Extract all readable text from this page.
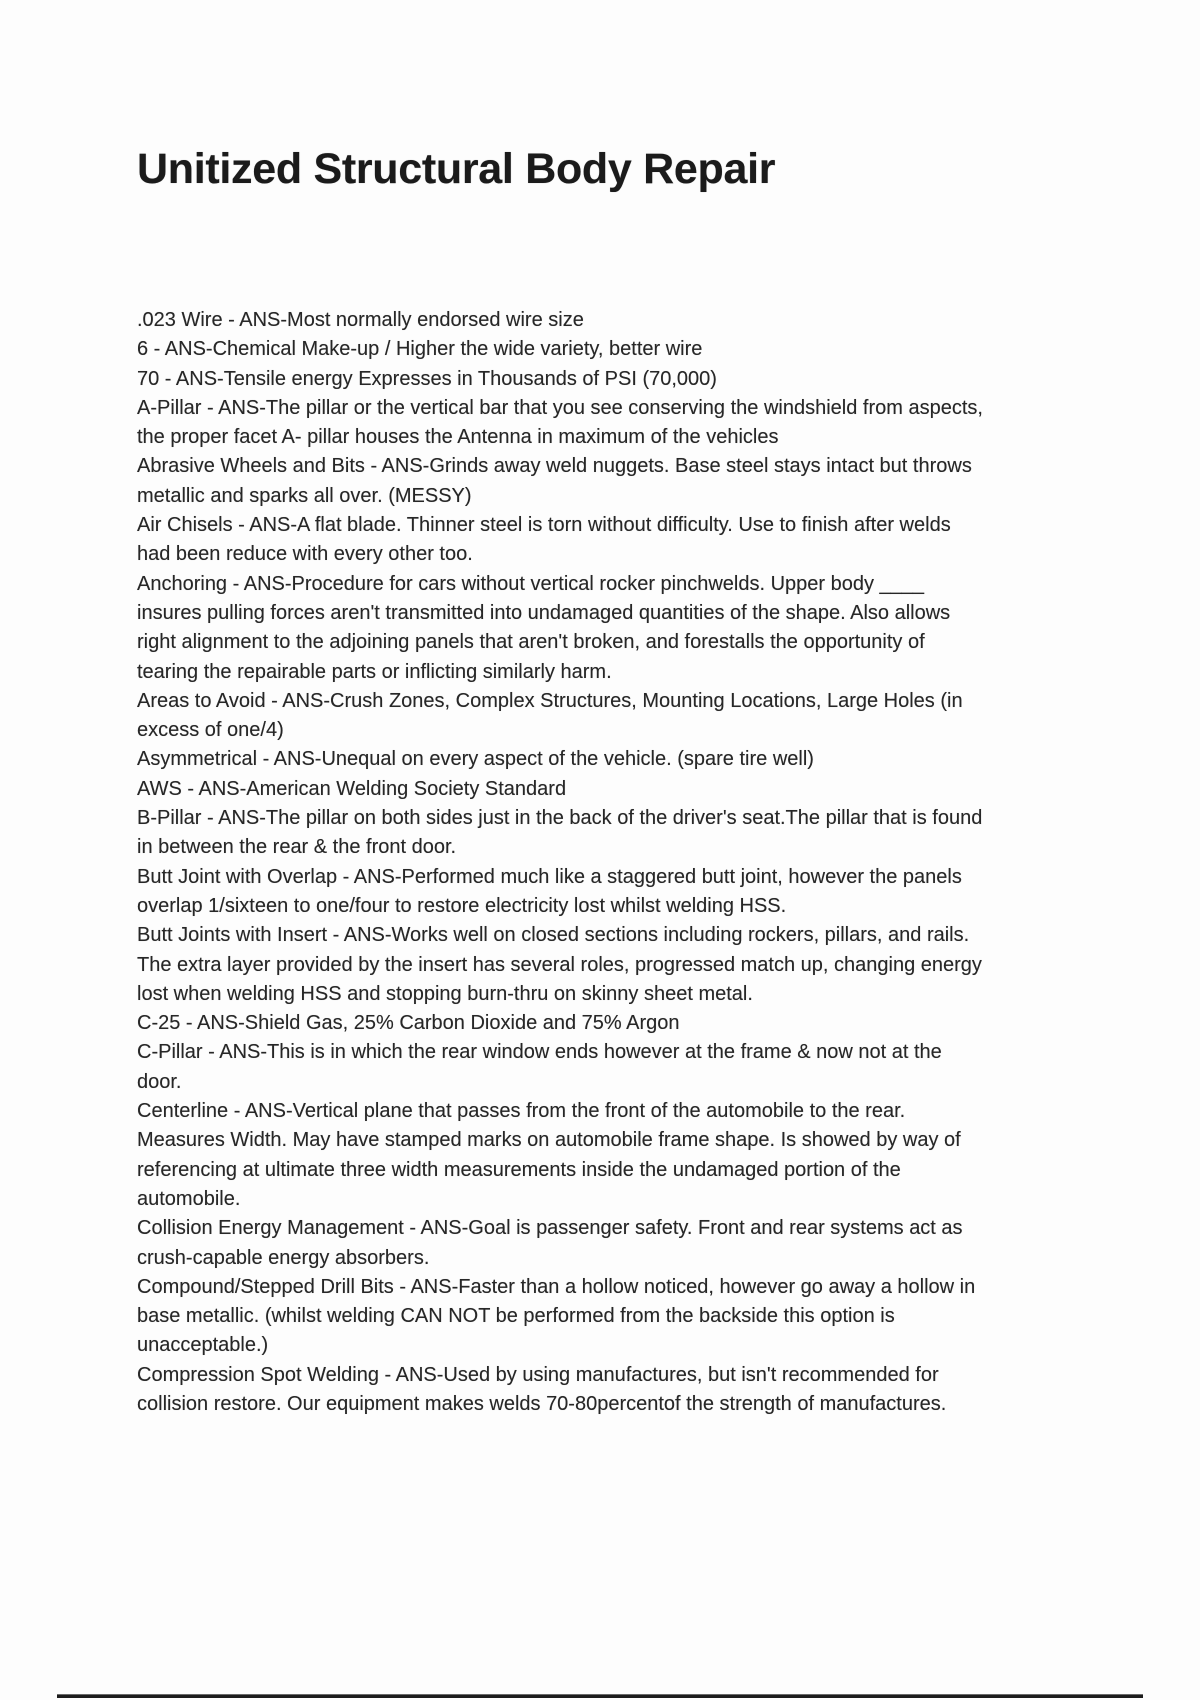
Unitized Structural Body Repair

.023 Wire - ANS-Most normally endorsed wire size

6 - ANS-Chemical Make-up / Higher the wide variety, better wire

70 - ANS-Tensile energy Expresses in Thousands of PSI (70,000)

A-Pillar - ANS-The pillar or the vertical bar that you see conserving the windshield from aspects,
the proper facet A- pillar houses the Antenna in maximum of the vehicles

Abrasive Wheels and Bits - ANS-Grinds away weld nuggets. Base steel stays intact but throws
metallic and sparks all over. (MESSY)

Air Chisels - ANS-A flat blade. Thinner steel is torn without difficulty. Use to finish after welds
had been reduce with every other too.

Anchoring - ANS-Procedure for cars without vertical rocker pinchwelds. Upper body ____
insures pulling forces aren't transmitted into undamaged quantities of the shape. Also allows
right alignment to the adjoining panels that aren't broken, and forestalls the opportunity of
tearing the repairable parts or inflicting similarly harm.

Areas to Avoid - ANS-Crush Zones, Complex Structures, Mounting Locations, Large Holes (in
excess of one/4)

Asymmetrical - ANS-Unequal on every aspect of the vehicle. (spare tire well)

AWS - ANS-American Welding Society Standard

B-Pillar - ANS-The pillar on both sides just in the back of the driver's seat.The pillar that is found
in between the rear & the front door.

Butt Joint with Overlap - ANS-Performed much like a staggered butt joint, however the panels
overlap 1/sixteen to one/four to restore electricity lost whilst welding HSS.

Butt Joints with Insert - ANS-Works well on closed sections including rockers, pillars, and rails.
The extra layer provided by the insert has several roles, progressed match up, changing energy
lost when welding HSS and stopping burn-thru on skinny sheet metal.

C-25 - ANS-Shield Gas, 25% Carbon Dioxide and 75% Argon

C-Pillar - ANS-This is in which the rear window ends however at the frame & now not at the
door.

Centerline - ANS-Vertical plane that passes from the front of the automobile to the rear.
Measures Width. May have stamped marks on automobile frame shape. Is showed by way of
referencing at ultimate three width measurements inside the undamaged portion of the
automobile.

Collision Energy Management - ANS-Goal is passenger safety. Front and rear systems act as
crush-capable energy absorbers.

Compound/Stepped Drill Bits - ANS-Faster than a hollow noticed, however go away a hollow in
base metallic. (whilst welding CAN NOT be performed from the backside this option is
unacceptable.)

Compression Spot Welding - ANS-Used by using manufactures, but isn't recommended for
collision restore. Our equipment makes welds 70-80percentof the strength of manufactures.
